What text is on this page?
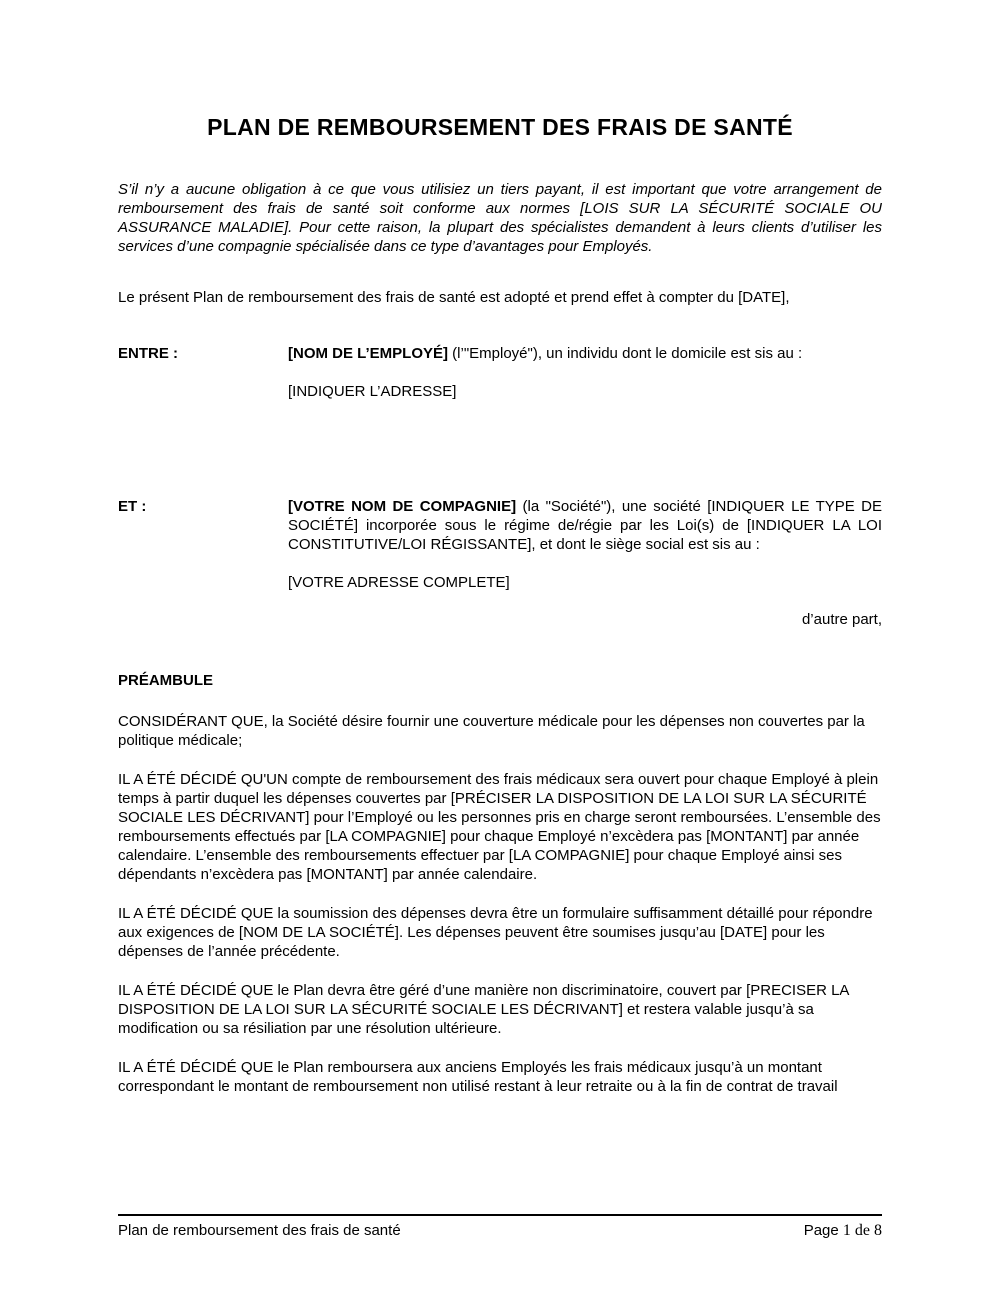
PLAN DE REMBOURSEMENT DES FRAIS DE SANTÉ

S’il n’y a aucune obligation à ce que vous utilisiez un tiers payant, il est important que votre arrangement de remboursement des frais de santé soit conforme aux normes [LOIS SUR LA SÉCURITÉ SOCIALE OU ASSURANCE MALADIE]. Pour cette raison, la plupart des spécialistes demandent à leurs clients d’utiliser les services d’une compagnie spécialisée dans ce type d’avantages pour Employés.

Le présent Plan de remboursement des frais de santé est adopté et prend effet à compter du [DATE],

ENTRE :	[NOM DE L’EMPLOYÉ] (l’"Employé"), un individu dont le domicile est sis au :

[INDIQUER L’ADRESSE]

ET :	[VOTRE NOM DE COMPAGNIE] (la "Société"), une société [INDIQUER LE TYPE DE SOCIÉTÉ] incorporée sous le régime de/régie par les Loi(s) de [INDIQUER LA LOI CONSTITUTIVE/LOI RÉGISSANTE], et dont le siège social est sis au :

[VOTRE ADRESSE COMPLETE]

d’autre part,

PRÉAMBULE

CONSIDÉRANT QUE, la Société désire fournir une couverture médicale pour les dépenses non couvertes par la politique médicale;

IL A ÉTÉ DÉCIDÉ QU'UN compte de remboursement des frais médicaux sera ouvert pour chaque Employé à plein temps à partir duquel les dépenses couvertes par [PRÉCISER LA DISPOSITION DE LA LOI SUR LA SÉCURITÉ SOCIALE LES DÉCRIVANT] pour l’Employé ou les personnes pris en charge seront remboursées. L’ensemble des remboursements effectués par [LA COMPAGNIE] pour chaque Employé n’excèdera pas [MONTANT] par année calendaire. L’ensemble des remboursements effectuer par [LA COMPAGNIE] pour chaque Employé ainsi ses dépendants n’excèdera pas [MONTANT] par année calendaire.

IL A ÉTÉ DÉCIDÉ QUE la soumission des dépenses devra être un formulaire suffisamment détaillé pour répondre aux exigences de [NOM DE LA SOCIÉTÉ]. Les dépenses peuvent être soumises jusqu’au [DATE] pour les dépenses de l’année précédente.

IL A ÉTÉ DÉCIDÉ QUE le Plan devra être géré d’une manière non discriminatoire, couvert par [PRECISER LA DISPOSITION DE LA LOI SUR LA SÉCURITÉ SOCIALE LES DÉCRIVANT] et restera valable jusqu’à sa modification ou sa résiliation par une résolution ultérieure.

IL A ÉTÉ DÉCIDÉ QUE le Plan remboursera aux anciens Employés les frais médicaux jusqu’à un montant correspondant le montant de remboursement non utilisé restant à leur retraite ou à la fin de contrat de travail

Plan de remboursement des frais de santé	Page 1 de 8
